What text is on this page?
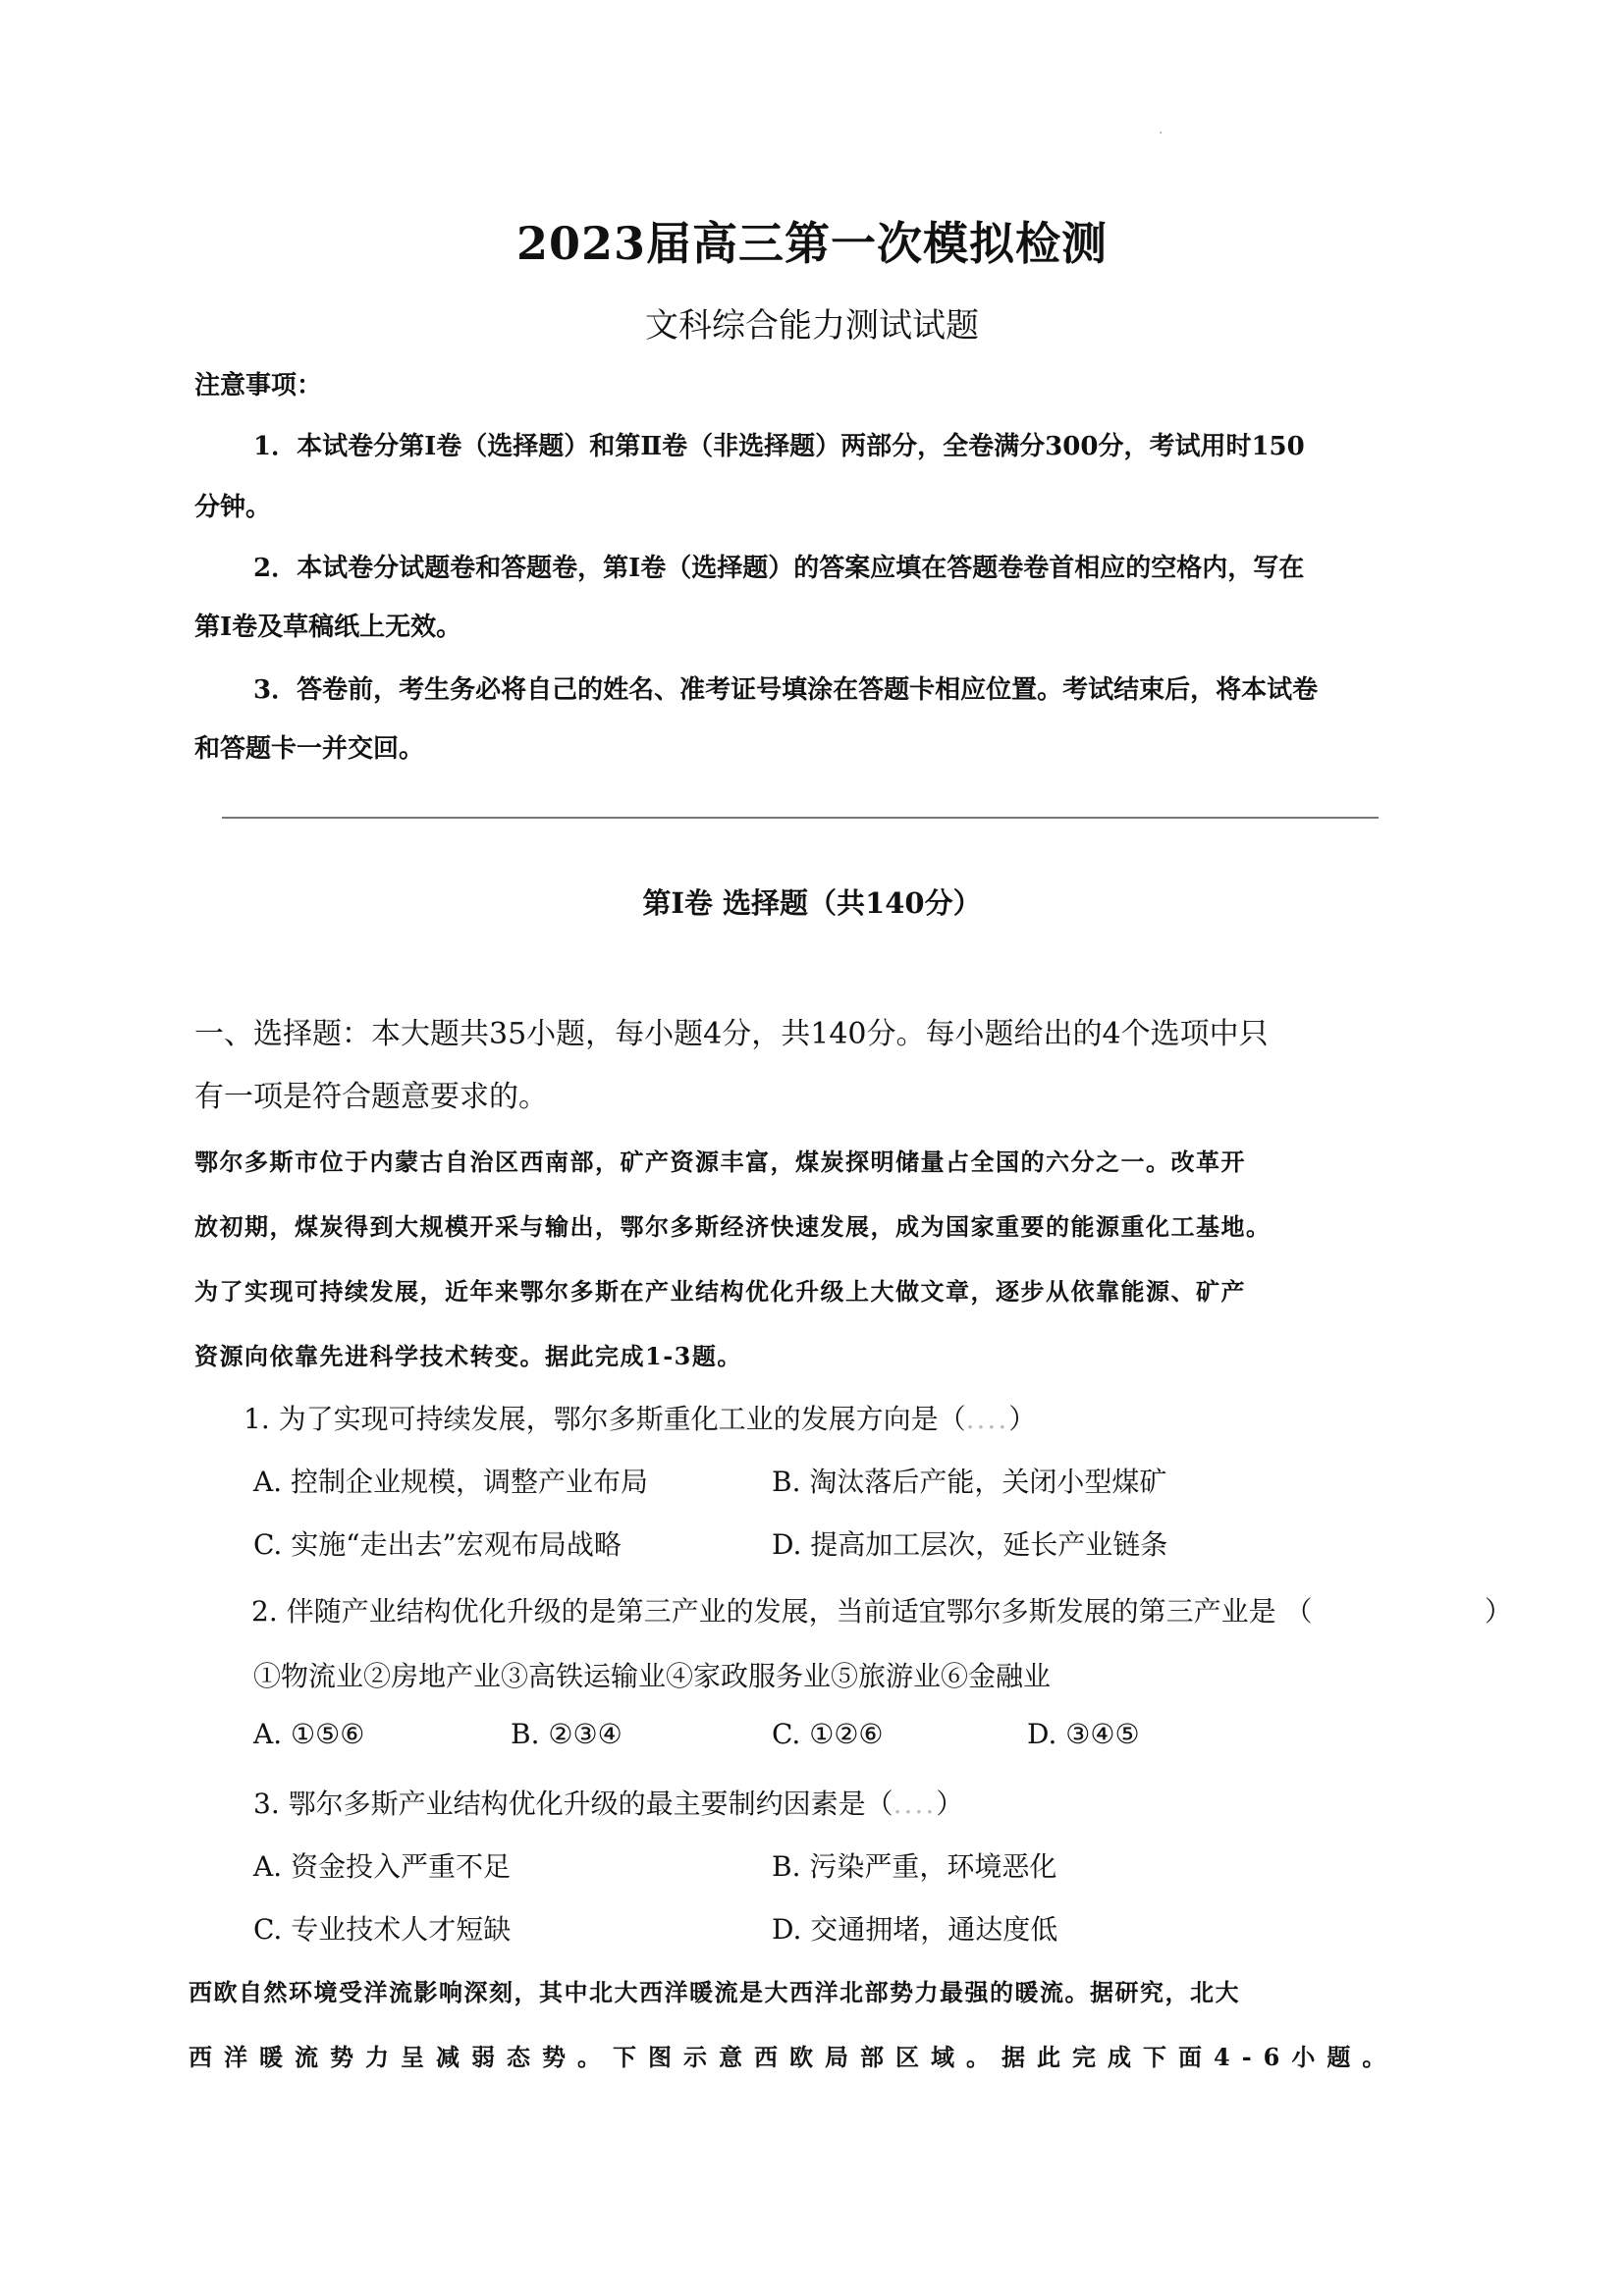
·
2023届高三第一次模拟检测
文科综合能力测试试题
注意事项：
1．本试卷分第Ⅰ卷（选择题）和第Ⅱ卷（非选择题）两部分，全卷满分300分，考试用时150
分钟。
2．本试卷分试题卷和答题卷，第Ⅰ卷（选择题）的答案应填在答题卷卷首相应的空格内，写在
第Ⅰ卷及草稿纸上无效。
3．答卷前，考生务必将自己的姓名、准考证号填涂在答题卡相应位置。考试结束后，将本试卷
和答题卡一并交回。
第Ⅰ卷 选择题（共140分）
一、选择题：本大题共35小题，每小题4分，共140分。每小题给出的4个选项中只
有一项是符合题意要求的。
鄂尔多斯市位于内蒙古自治区西南部，矿产资源丰富，煤炭探明储量占全国的六分之一。改革开
放初期，煤炭得到大规模开采与输出，鄂尔多斯经济快速发展，成为国家重要的能源重化工基地。
为了实现可持续发展，近年来鄂尔多斯在产业结构优化升级上大做文章，逐步从依靠能源、矿产
资源向依靠先进科学技术转变。据此完成1-3题。
1. 为了实现可持续发展，鄂尔多斯重化工业的发展方向是（....）
A. 控制企业规模，调整产业布局	B. 淘汰落后产能，关闭小型煤矿
C. 实施“走出去”宏观布局战略	D. 提高加工层次，延长产业链条
2. 伴随产业结构优化升级的是第三产业的发展，当前适宜鄂尔多斯发展的第三产业是 （	）
①物流业②房地产业③高铁运输业④家政服务业⑤旅游业⑥金融业
A. ①⑤⑥	B. ②③④	C. ①②⑥	D. ③④⑤
3. 鄂尔多斯产业结构优化升级的最主要制约因素是（....）
A. 资金投入严重不足	B. 污染严重，环境恶化
C. 专业技术人才短缺	D. 交通拥堵，通达度低
西欧自然环境受洋流影响深刻，其中北大西洋暖流是大西洋北部势力最强的暖流。据研究，北大
西洋暖流势力呈减弱态势。下图示意西欧局部区域。据此完成下面4-6小题。
